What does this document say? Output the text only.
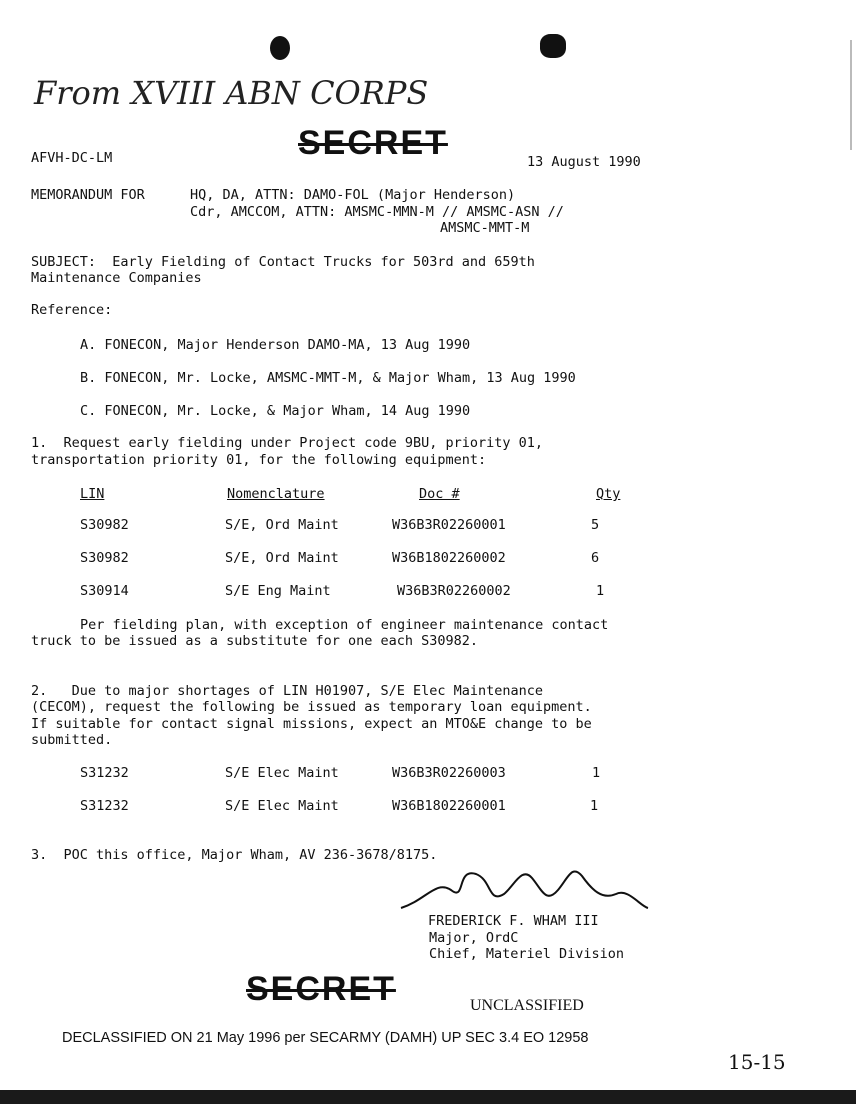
From XVIII ABN CORPS
SECRET
AFVH-DC-LM	13 August 1990
MEMORANDUM FOR	HQ, DA, ATTN: DAMO-FOL (Major Henderson)
Cdr, AMCCOM, ATTN: AMSMC-MMN-M // AMSMC-ASN //
AMSMC-MMT-M
SUBJECT:  Early Fielding of Contact Trucks for 503rd and 659th
Maintenance Companies
Reference:
A. FONECON, Major Henderson DAMO-MA, 13 Aug 1990
B. FONECON, Mr. Locke, AMSMC-MMT-M, & Major Wham, 13 Aug 1990
C. FONECON, Mr. Locke, & Major Wham, 14 Aug 1990
1.  Request early fielding under Project code 9BU, priority 01,
transportation priority 01, for the following equipment:
LIN	Nomenclature	Doc #	Qty
S30982	S/E, Ord Maint	W36B3R02260001	5
S30982	S/E, Ord Maint	W36B1802260002	6
S30914	S/E Eng Maint	W36B3R02260002	1
Per fielding plan, with exception of engineer maintenance contact
truck to be issued as a substitute for one each S30982.
2.   Due to major shortages of LIN H01907, S/E Elec Maintenance
(CECOM), request the following be issued as temporary loan equipment.
If suitable for contact signal missions, expect an MTO&E change to be
submitted.
S31232	S/E Elec Maint	W36B3R02260003	1
S31232	S/E Elec Maint	W36B1802260001	1
3.  POC this office, Major Wham, AV 236-3678/8175.
FREDERICK F. WHAM III
Major, OrdC
Chief, Materiel Division
SECRET	UNCLASSIFIED
DECLASSIFIED ON 21 May 1996 per SECARMY (DAMH) UP SEC 3.4 EO 12958
15-15
